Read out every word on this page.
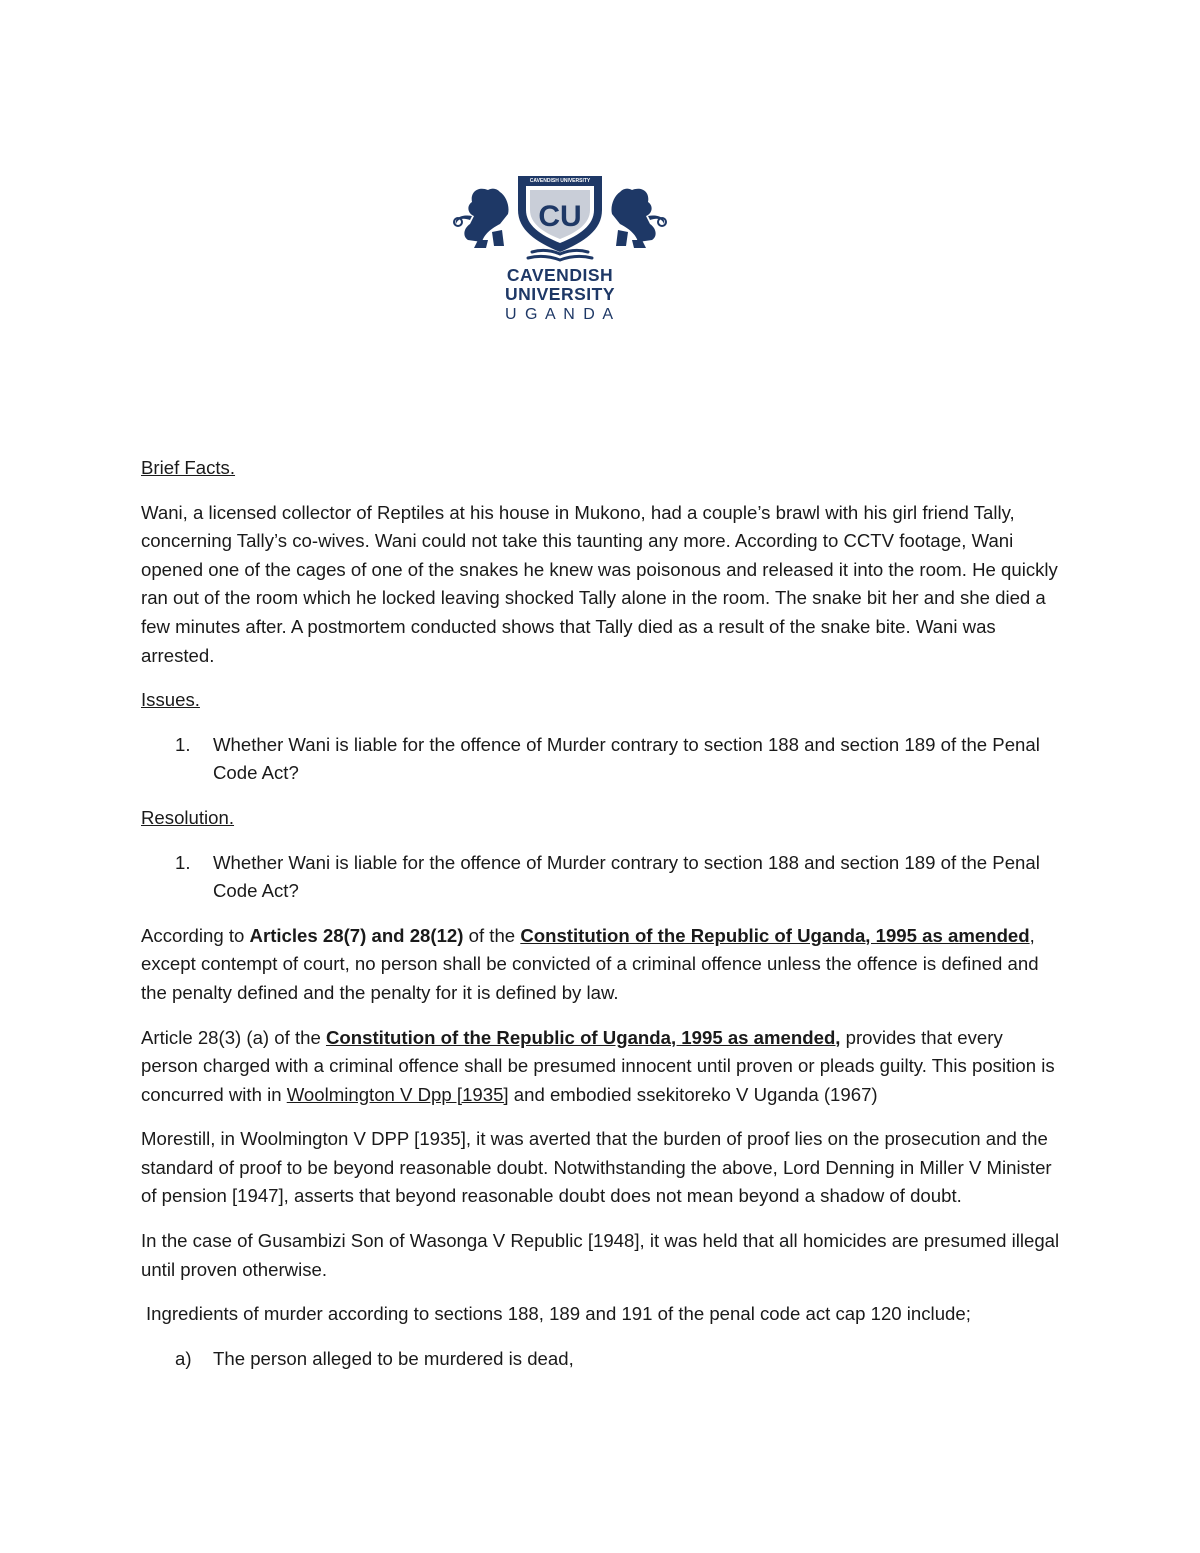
CAVENDISH UNIVERSITY
CU
CAVENDISH
UNIVERSITY
U G A N D A

Brief Facts.

Wani, a licensed collector of Reptiles at his house in Mukono, had a couple’s brawl with his girl friend Tally, concerning Tally’s co-wives. Wani could not take this taunting any more. According to CCTV footage, Wani opened one of the cages of one of the snakes he knew was poisonous and released it into the room. He quickly ran out of the room which he locked leaving shocked Tally alone in the room. The snake bit her and she died a few minutes after. A postmortem conducted shows that Tally died as a result of the snake bite. Wani was arrested.

Issues.

1.	Whether Wani is liable for the offence of Murder contrary to section 188 and section 189 of the Penal Code Act?

Resolution.

1.	Whether Wani is liable for the offence of Murder contrary to section 188 and section 189 of the Penal Code Act?

According to Articles 28(7) and 28(12) of the Constitution of the Republic of Uganda, 1995 as amended, except contempt of court, no person shall be convicted of a criminal offence unless the offence is defined and the penalty defined and the penalty for it is defined by law.

Article 28(3) (a) of the Constitution of the Republic of Uganda, 1995 as amended, provides that every person charged with a criminal offence shall be presumed innocent until proven or pleads guilty. This position is concurred with in Woolmington V Dpp [1935] and embodied ssekitoreko V Uganda (1967)

Morestill, in Woolmington V DPP [1935], it was averted that the burden of proof lies on the prosecution and the standard of proof to be beyond reasonable doubt. Notwithstanding the above, Lord Denning in Miller V Minister of pension [1947], asserts that beyond reasonable doubt does not mean beyond a shadow of doubt.

In the case of Gusambizi Son of Wasonga V Republic [1948], it was held that all homicides are presumed illegal until proven otherwise.

Ingredients of murder according to sections 188, 189 and 191 of the penal code act cap 120 include;

a)	The person alleged to be murdered is dead,
